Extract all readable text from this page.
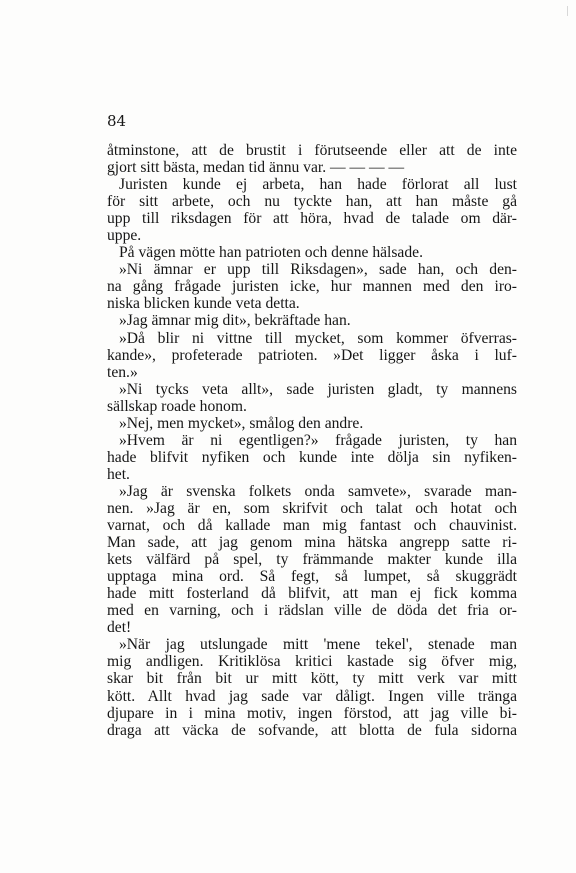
84

åtminstone, att de brustit i förutseende eller att de inte
gjort sitt bästa, medan tid ännu var. — — — —
Juristen kunde ej arbeta, han hade förlorat all lust
för sitt arbete, och nu tyckte han, att han måste gå
upp till riksdagen för att höra, hvad de talade om där-
uppe.
På vägen mötte han patrioten och denne hälsade.
»Ni ämnar er upp till Riksdagen», sade han, och den-
na gång frågade juristen icke, hur mannen med den iro-
niska blicken kunde veta detta.
»Jag ämnar mig dit», bekräftade han.
»Då blir ni vittne till mycket, som kommer öfverras-
kande», profeterade patrioten. »Det ligger åska i luf-
ten.»
»Ni tycks veta allt», sade juristen gladt, ty mannens
sällskap roade honom.
»Nej, men mycket», smålog den andre.
»Hvem är ni egentligen?» frågade juristen, ty han
hade blifvit nyfiken och kunde inte dölja sin nyfiken-
het.
»Jag är svenska folkets onda samvete», svarade man-
nen. »Jag är en, som skrifvit och talat och hotat och
varnat, och då kallade man mig fantast och chauvinist.
Man sade, att jag genom mina hätska angrepp satte ri-
kets välfärd på spel, ty främmande makter kunde illa
upptaga mina ord. Så fegt, så lumpet, så skuggrädt
hade mitt fosterland då blifvit, att man ej fick komma
med en varning, och i rädslan ville de döda det fria or-
det!
»När jag utslungade mitt 'mene tekel', stenade man
mig andligen. Kritiklösa kritici kastade sig öfver mig,
skar bit från bit ur mitt kött, ty mitt verk var mitt
kött. Allt hvad jag sade var dåligt. Ingen ville tränga
djupare in i mina motiv, ingen förstod, att jag ville bi-
draga att väcka de sofvande, att blotta de fula sidorna
